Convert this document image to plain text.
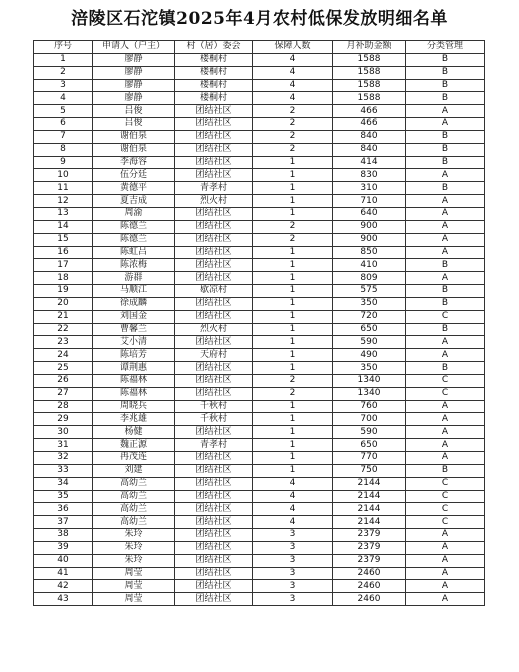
涪陵区石沱镇2025年4月农村低保发放明细名单
序号	申请人（户主）	村（居）委会	保障人数	月补助金额	分类管理
1	廖静	楼桐村	4	1588	B
2	廖静	楼桐村	4	1588	B
3	廖静	楼桐村	4	1588	B
4	廖静	楼桐村	4	1588	B
5	吕俊	团结社区	2	466	A
6	吕俊	团结社区	2	466	A
7	谢伯泉	团结社区	2	840	B
8	谢伯泉	团结社区	2	840	B
9	李海容	团结社区	1	414	B
10	伍分廷	团结社区	1	830	A
11	黄德平	青孝村	1	310	B
12	夏吉成	烈火村	1	710	A
13	周渝	团结社区	1	640	A
14	陈德兰	团结社区	2	900	A
15	陈德兰	团结社区	2	900	A
16	陈虹吕	团结社区	1	850	A
17	陈浓梅	团结社区	1	410	B
18	游群	团结社区	1	809	A
19	马顺江	歇凉村	1	575	B
20	徐成麟	团结社区	1	350	B
21	刘国金	团结社区	1	720	C
22	曹馨兰	烈火村	1	650	B
23	艾小清	团结社区	1	590	A
24	陈培芳	天府村	1	490	A
25	谭荆惠	团结社区	1	350	B
26	陈福林	团结社区	2	1340	C
27	陈福林	团结社区	2	1340	C
28	周晓兵	千秋村	1	760	A
29	李兆雄	千秋村	1	700	A
30	杨健	团结社区	1	590	A
31	魏正源	青孝村	1	650	A
32	冉茂连	团结社区	1	770	A
33	刘建	团结社区	1	750	B
34	高幼兰	团结社区	4	2144	C
35	高幼兰	团结社区	4	2144	C
36	高幼兰	团结社区	4	2144	C
37	高幼兰	团结社区	4	2144	C
38	朱玲	团结社区	3	2379	A
39	朱玲	团结社区	3	2379	A
40	朱玲	团结社区	3	2379	A
41	周莹	团结社区	3	2460	A
42	周莹	团结社区	3	2460	A
43	周莹	团结社区	3	2460	A
